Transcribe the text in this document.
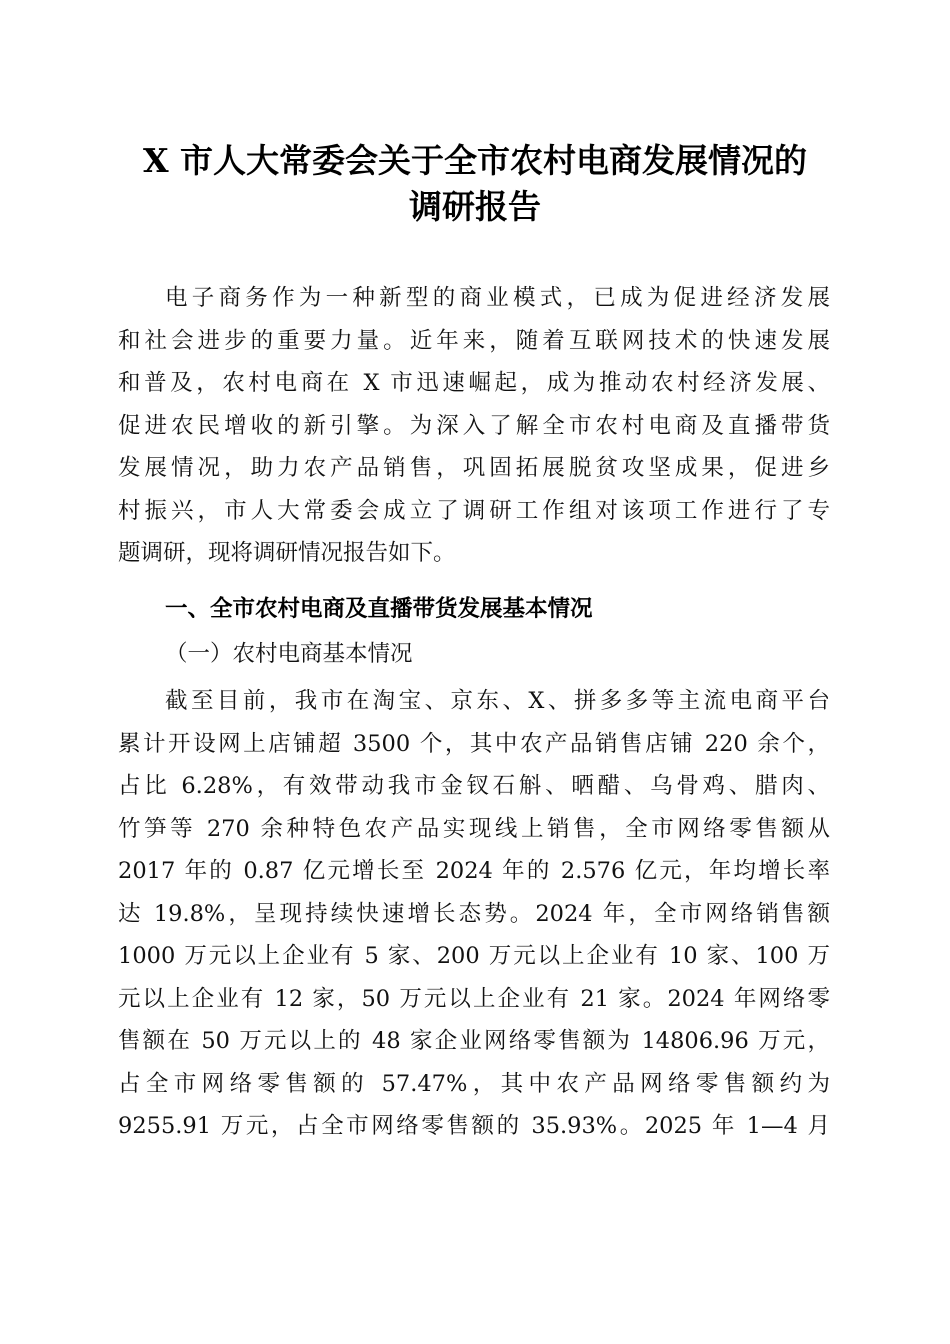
X 市人大常委会关于全市农村电商发展情况的
调研报告
电子商务作为一种新型的商业模式，已成为促进经济发展
和社会进步的重要力量。近年来，随着互联网技术的快速发展
和普及，农村电商在 X 市迅速崛起，成为推动农村经济发展、
促进农民增收的新引擎。为深入了解全市农村电商及直播带货
发展情况，助力农产品销售，巩固拓展脱贫攻坚成果，促进乡
村振兴，市人大常委会成立了调研工作组对该项工作进行了专
题调研，现将调研情况报告如下。
一、全市农村电商及直播带货发展基本情况
（一）农村电商基本情况
截至目前，我市在淘宝、京东、X、拼多多等主流电商平台
累计开设网上店铺超 3500 个，其中农产品销售店铺 220 余个，
占比 6.28%，有效带动我市金钗石斛、晒醋、乌骨鸡、腊肉、
竹笋等 270 余种特色农产品实现线上销售，全市网络零售额从
2017 年的 0.87 亿元增长至 2024 年的 2.576 亿元，年均增长率
达 19.8%，呈现持续快速增长态势。2024 年，全市网络销售额
1000 万元以上企业有 5 家、200 万元以上企业有 10 家、100 万
元以上企业有 12 家，50 万元以上企业有 21 家。2024 年网络零
售额在 50 万元以上的 48 家企业网络零售额为 14806.96 万元，
占全市网络零售额的 57.47%，其中农产品网络零售额约为
9255.91 万元，占全市网络零售额的 35.93%。2025 年 1—4 月
